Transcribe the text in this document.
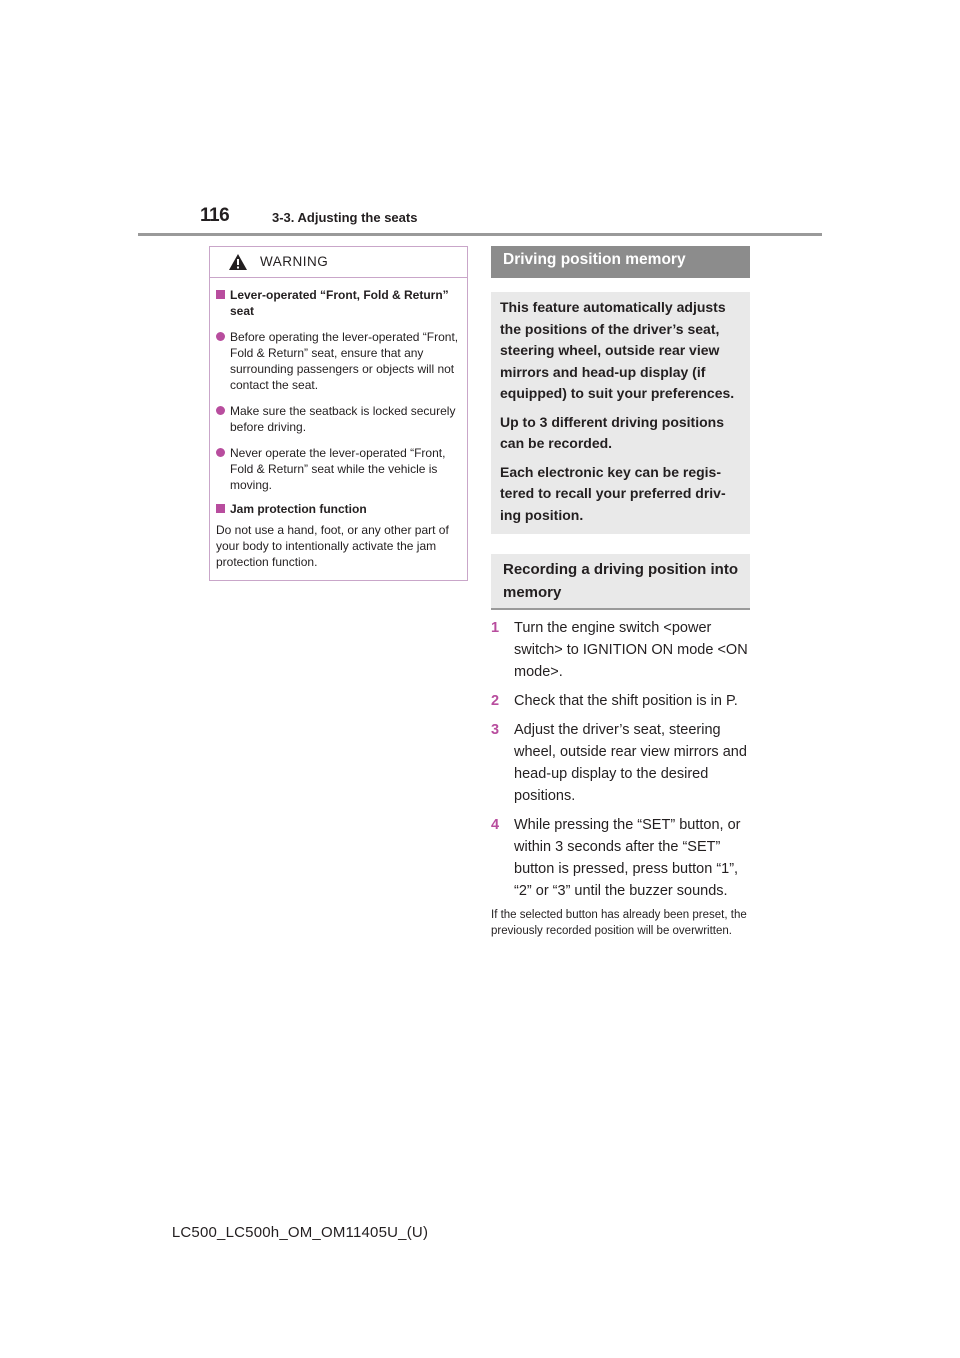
116	3-3. Adjusting the seats
WARNING

Lever-operated “Front, Fold & Return” seat

Before operating the lever-operated “Front, Fold & Return” seat, ensure that any surrounding passengers or objects will not contact the seat.

Make sure the seatback is locked securely before driving.

Never operate the lever-operated “Front, Fold & Return” seat while the vehicle is moving.

Jam protection function

Do not use a hand, foot, or any other part of your body to intentionally activate the jam protection function.

Driving position memory

This feature automatically adjusts the positions of the driver’s seat, steering wheel, outside rear view mirrors and head-up display (if equipped) to suit your preferences.

Up to 3 different driving positions can be recorded.

Each electronic key can be regis-tered to recall your preferred driv-ing position.

Recording a driving position into memory
1 Turn the engine switch <power switch> to IGNITION ON mode <ON mode>.
2 Check that the shift position is in P.
3 Adjust the driver’s seat, steering wheel, outside rear view mirrors and head-up display to the desired positions.
4 While pressing the “SET” button, or within 3 seconds after the “SET” button is pressed, press button “1”, “2” or “3” until the buzzer sounds.
If the selected button has already been preset, the previously recorded position will be overwritten.
LC500_LC500h_OM_OM11405U_(U)
